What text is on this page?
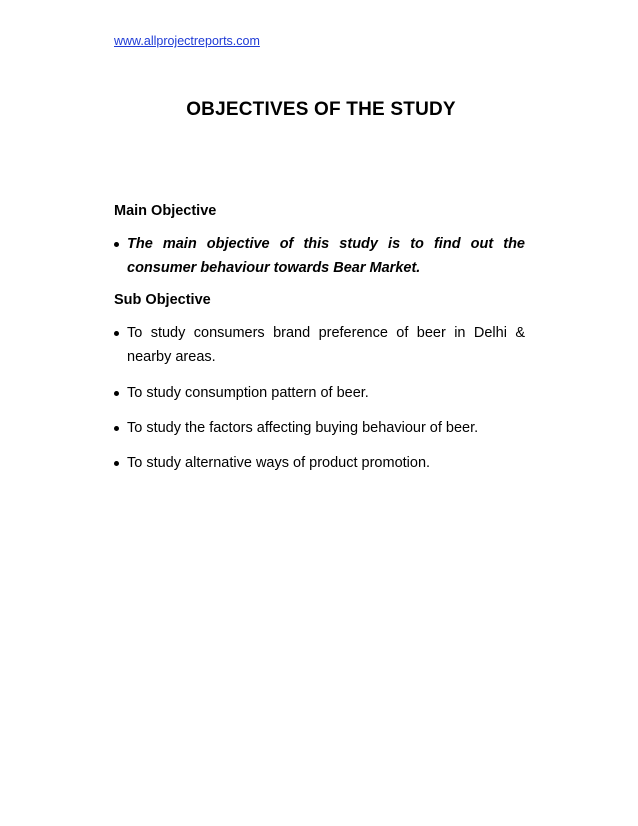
www.allprojectreports.com
OBJECTIVES OF THE STUDY
Main Objective
The main objective of this study is to find out the consumer behaviour towards Bear Market.
Sub Objective
To study consumers brand preference of beer in Delhi & nearby areas.
To study consumption pattern of beer.
To study the factors affecting buying behaviour of beer.
To study alternative ways of product promotion.
